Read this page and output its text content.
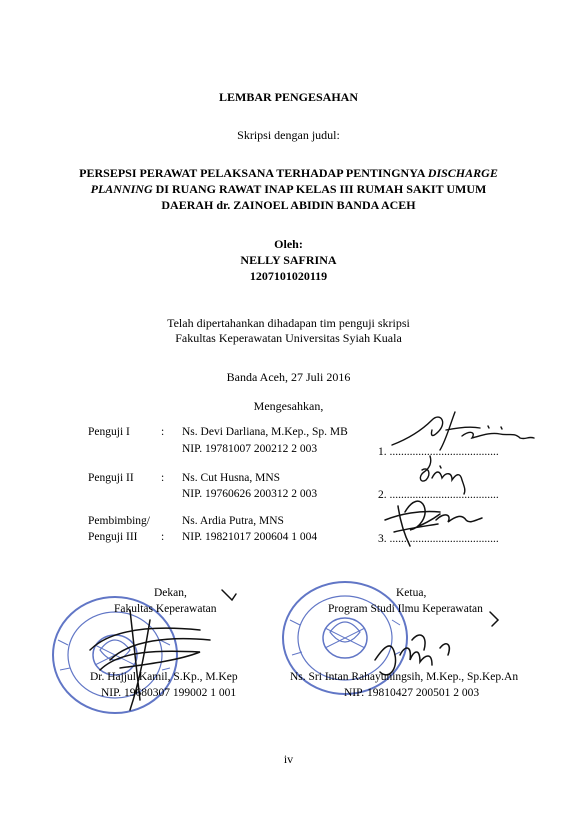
LEMBAR PENGESAHAN
Skripsi dengan judul:
PERSEPSI PERAWAT PELAKSANA TERHADAP PENTINGNYA DISCHARGE
PLANNING DI RUANG RAWAT INAP KELAS III RUMAH SAKIT UMUM
DAERAH dr. ZAINOEL ABIDIN BANDA ACEH
Oleh:
NELLY SAFRINA
1207101020119
Telah dipertahankan dihadapan tim penguji skripsi
Fakultas Keperawatan Universitas Syiah Kuala
Banda Aceh, 27 Juli 2016
Mengesahkan,
Penguji I	: Ns. Devi Darliana, M.Kep., Sp. MB
NIP. 19781007 200212 2 003	1. ......................................
Penguji II : Ns. Cut Husna, MNS
NIP. 19760626 200312 2 003	2. ......................................
Pembimbing/
Penguji III :
Ns. Ardia Putra, MNS
NIP. 19821017 200604 1 004	3. ......................................
Dekan,
Fakultas Keperawatan
Dr. Hajjul Kamil, S.Kp., M.Kep
NIP. 19680307 199002 1 001
Ketua,
Program Studi Ilmu Keperawatan
Ns. Sri Intan Rahayuningsih, M.Kep., Sp.Kep.An
NIP. 19810427 200501 2 003
iv
